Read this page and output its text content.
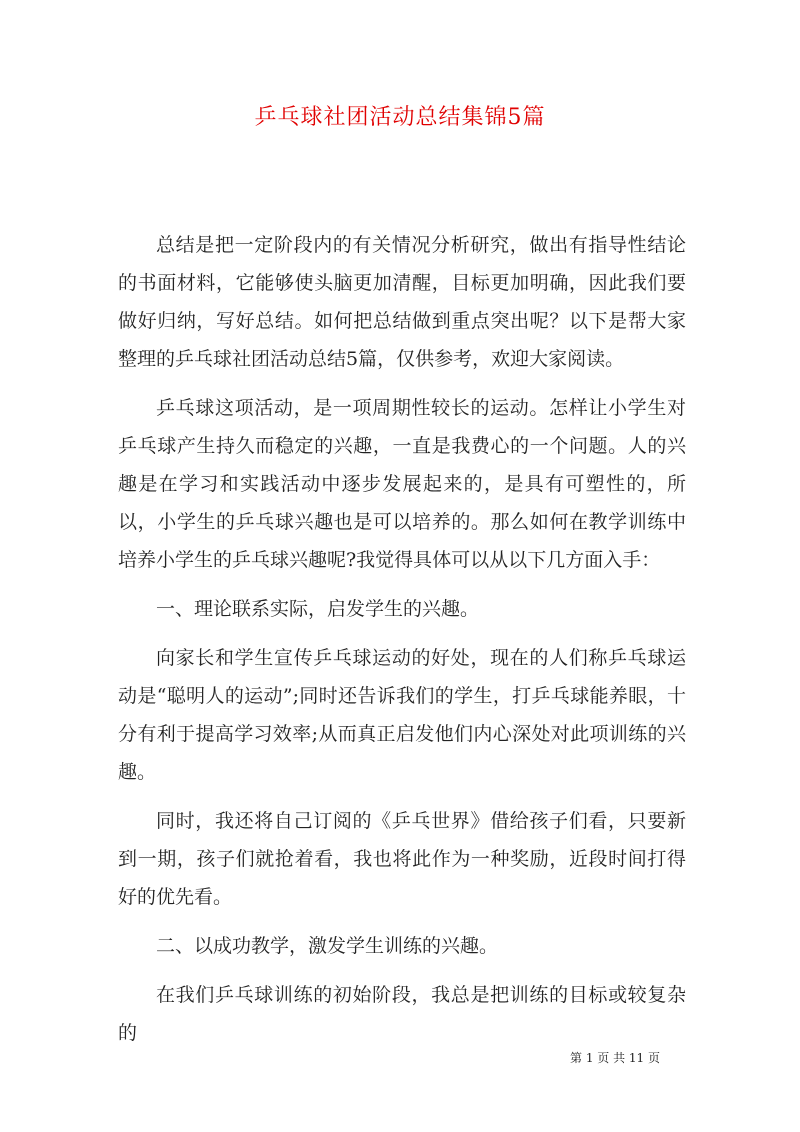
乒乓球社团活动总结集锦5篇

总结是把一定阶段内的有关情况分析研究，做出有指导性结论的书面材料，它能够使头脑更加清醒，目标更加明确，因此我们要做好归纳，写好总结。如何把总结做到重点突出呢？以下是帮大家整理的乒乓球社团活动总结5篇，仅供参考，欢迎大家阅读。

乒乓球这项活动，是一项周期性较长的运动。怎样让小学生对乒乓球产生持久而稳定的兴趣，一直是我费心的一个问题。人的兴趣是在学习和实践活动中逐步发展起来的，是具有可塑性的，所以，小学生的乒乓球兴趣也是可以培养的。那么如何在教学训练中培养小学生的乒乓球兴趣呢?我觉得具体可以从以下几方面入手：

一、理论联系实际，启发学生的兴趣。

向家长和学生宣传乒乓球运动的好处，现在的人们称乒乓球运动是“聪明人的运动”;同时还告诉我们的学生，打乒乓球能养眼，十分有利于提高学习效率;从而真正启发他们内心深处对此项训练的兴趣。

同时，我还将自己订阅的《乒乓世界》借给孩子们看，只要新到一期，孩子们就抢着看，我也将此作为一种奖励，近段时间打得好的优先看。

二、以成功教学，激发学生训练的兴趣。

在我们乒乓球训练的初始阶段，我总是把训练的目标或较复杂的

第 1 页 共 11 页
